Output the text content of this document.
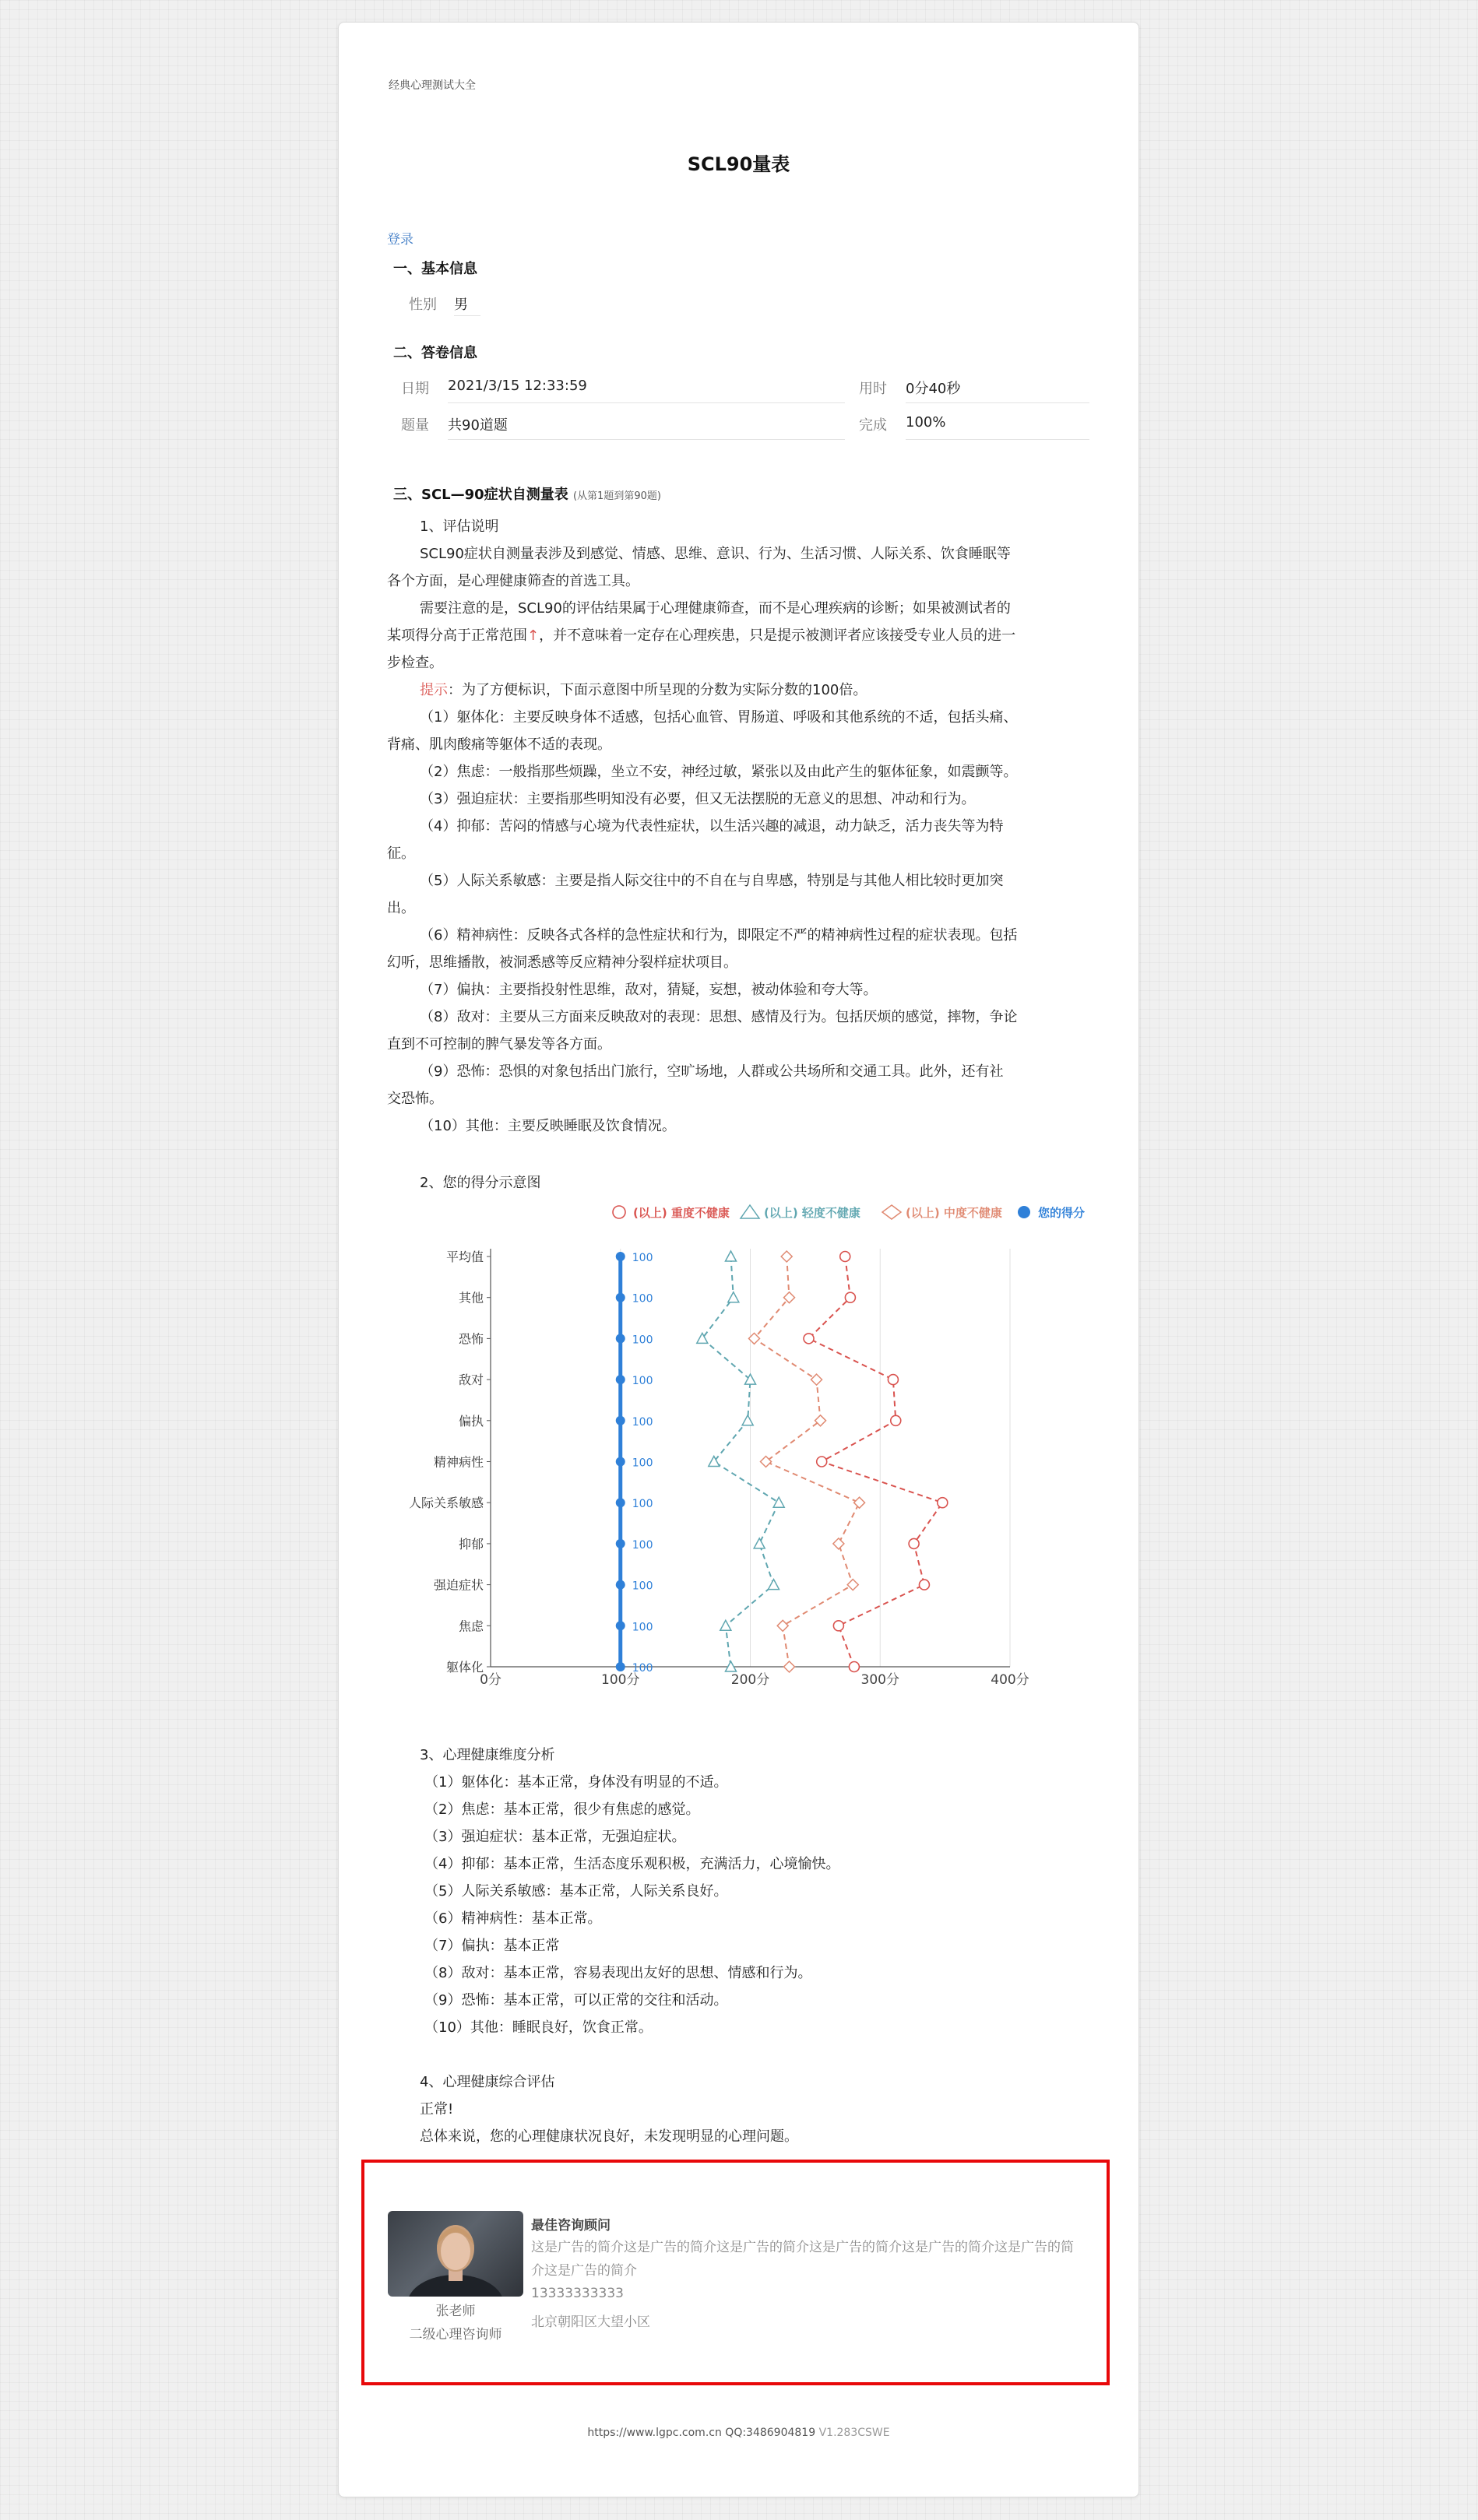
经典心理测试大全
SCL90量表
登录
一、基本信息
性别 男
二、答卷信息
日期 2021/3/15 12:33:59	用时 0分40秒
题量 共90道题	完成 100%
三、SCL—90症状自测量表 (从第1题到第90题)
1、评估说明
SCL90症状自测量表涉及到感觉、情感、思维、意识、行为、生活习惯、人际关系、饮食睡眠等
各个方面，是心理健康筛查的首选工具。
需要注意的是，SCL90的评估结果属于心理健康筛查，而不是心理疾病的诊断；如果被测试者的
某项得分高于正常范围↑，并不意味着一定存在心理疾患，只是提示被测评者应该接受专业人员的进一
步检查。
提示：为了方便标识，下面示意图中所呈现的分数为实际分数的100倍。
（1）躯体化：主要反映身体不适感，包括心血管、胃肠道、呼吸和其他系统的不适，包括头痛、
背痛、肌肉酸痛等躯体不适的表现。
（2）焦虑：一般指那些烦躁，坐立不安，神经过敏，紧张以及由此产生的躯体征象，如震颤等。
（3）强迫症状：主要指那些明知没有必要，但又无法摆脱的无意义的思想、冲动和行为。
（4）抑郁：苦闷的情感与心境为代表性症状，以生活兴趣的减退，动力缺乏，活力丧失等为特
征。
（5）人际关系敏感：主要是指人际交往中的不自在与自卑感，特别是与其他人相比较时更加突
出。
（6）精神病性：反映各式各样的急性症状和行为，即限定不严的精神病性过程的症状表现。包括
幻听，思维播散，被洞悉感等反应精神分裂样症状项目。
（7）偏执：主要指投射性思维，敌对，猜疑，妄想，被动体验和夸大等。
（8）敌对：主要从三方面来反映敌对的表现：思想、感情及行为。包括厌烦的感觉，摔物，争论
直到不可控制的脾气暴发等各方面。
（9）恐怖：恐惧的对象包括出门旅行，空旷场地，人群或公共场所和交通工具。此外，还有社
交恐怖。
（10）其他：主要反映睡眠及饮食情况。
2、您的得分示意图
0分	100分	200分	300分	400分
平均值
其他
恐怖
敌对
偏执
精神病性
人际关系敏感
抑郁
强迫症状
焦虑
躯体化
100
100
100
100
100
100
100
100
100
100
100
(以上) 重度不健康	(以上) 轻度不健康	(以上) 中度不健康	您的得分
3、心理健康维度分析
（1）躯体化：基本正常，身体没有明显的不适。
（2）焦虑：基本正常，很少有焦虑的感觉。
（3）强迫症状：基本正常，无强迫症状。
（4）抑郁：基本正常，生活态度乐观积极，充满活力，心境愉快。
（5）人际关系敏感：基本正常，人际关系良好。
（6）精神病性：基本正常。
（7）偏执：基本正常
（8）敌对：基本正常，容易表现出友好的思想、情感和行为。
（9）恐怖：基本正常，可以正常的交往和活动。
（10）其他：睡眠良好，饮食正常。
4、心理健康综合评估
正常!
总体来说，您的心理健康状况良好，未发现明显的心理问题。
https://www.lgpc.com.cn QQ:3486904819 V1.283CSWE
张老师
二级心理咨询师
最佳咨询顾问
这是广告的简介这是广告的简介这是广告的简介这是广告的简介这是广告的简介这是广告的简
介这是广告的简介
13333333333
北京朝阳区大望小区
